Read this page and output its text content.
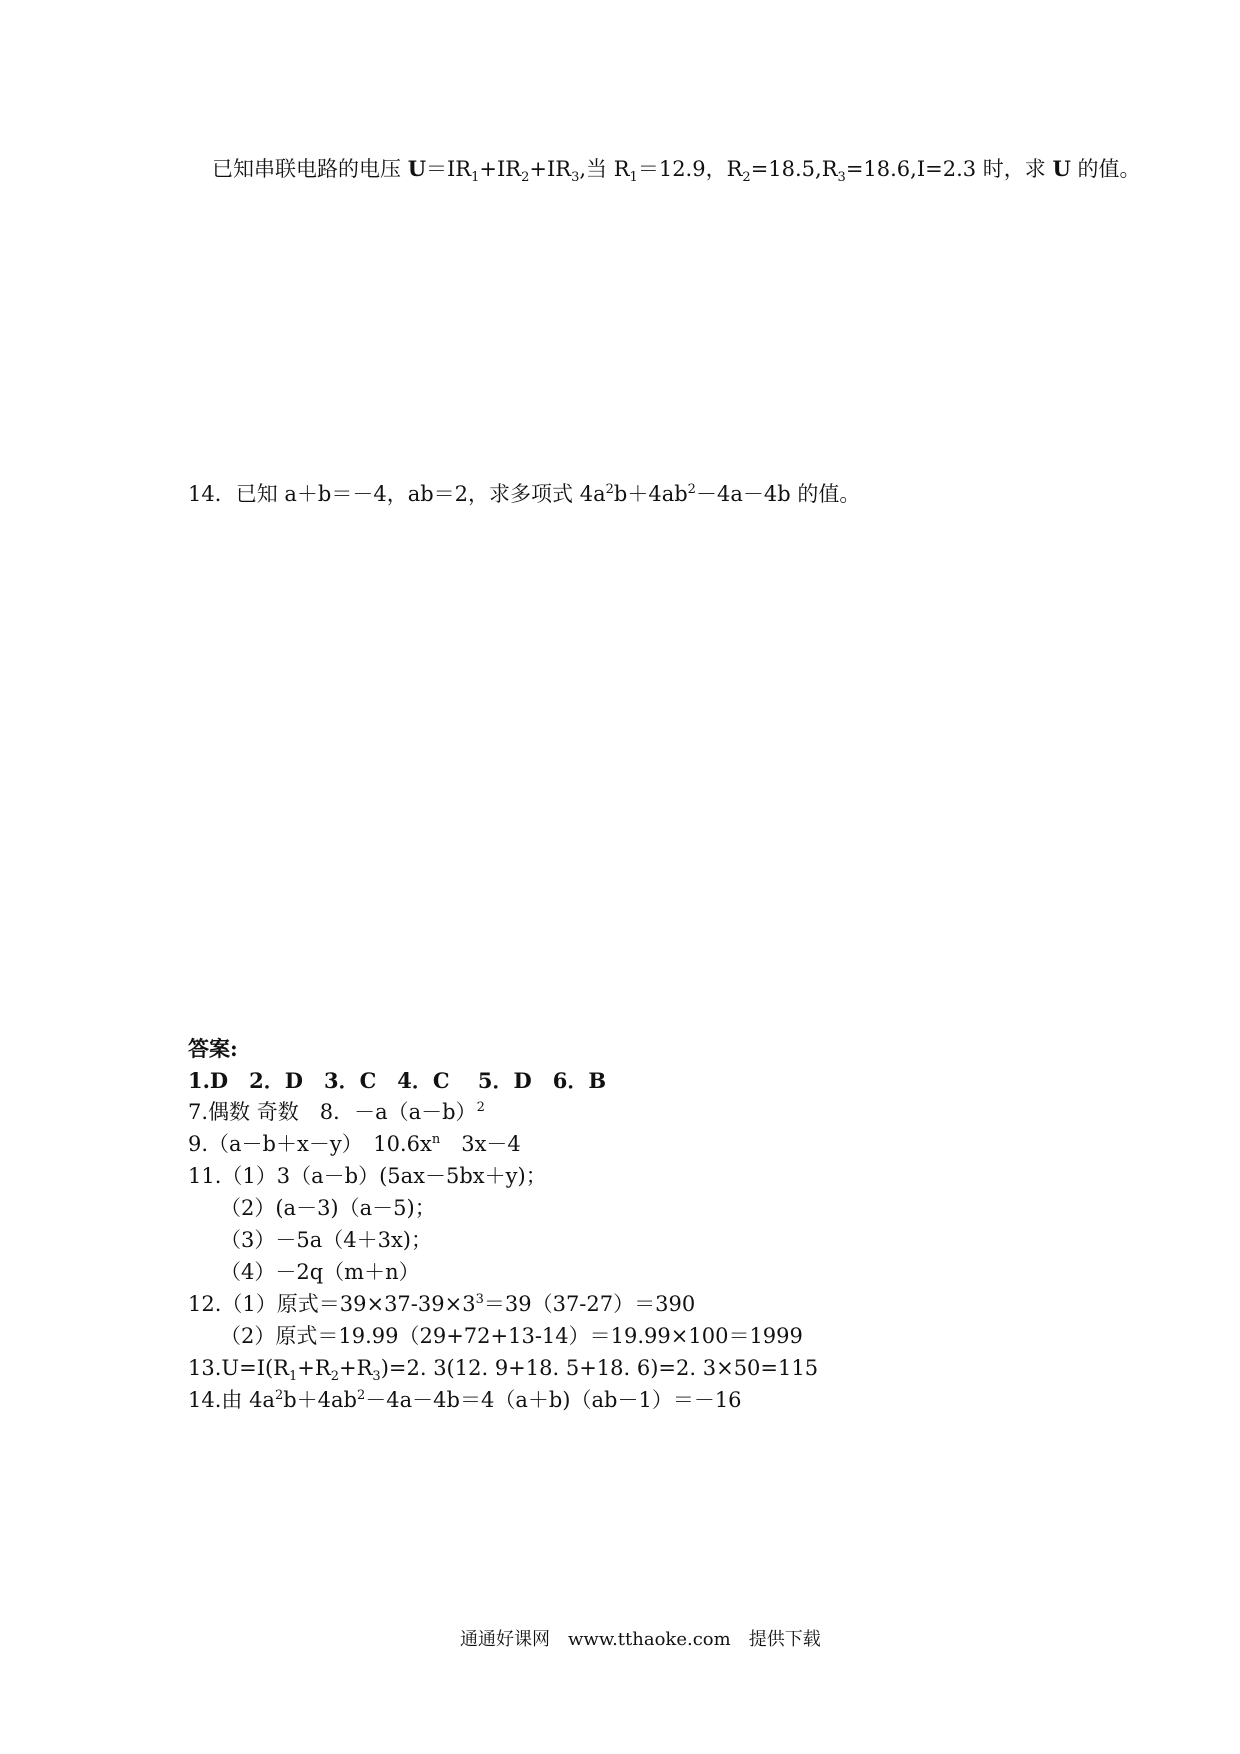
已知串联电路的电压 $U=IR_1+IR_2+IR_3$,当 $R_1=12.9$，$R_2=18.5,R_3=18.6,I=2.3$ 时，求 U 的值。
14．已知 a＋b＝－4，ab＝2，求多项式 $4a^2b+4ab^2-4a-4b$ 的值。
答案:
1.D　2．D　3．C　4．C　 5．D　6．B
7.偶数 奇数　8．$-a(a-b)^2$
9.（a－b＋x－y）　$10.6x^n$　3x－4
11.（1）3（a－b）(5ax－5bx＋y)；
（2）(a－3)（a－5)；
（3）－5a（4＋3x)；
（4）－2q（m＋n）
12.（1）原式$=39\times 37-39\times 3^3=39(37-27)=390$
（2）原式＝19.99（29+72+13-14）＝19.99×100＝1999
$13.U=I(R_1+R_2+R_3)=2$. 3(12. 9+18. 5+18. 6)=2. 3×50=115
14.由 $4a^2b+4ab^2-4a-4b=4(a+b)(ab-1)=-16$
通通好课网　www.tthaoke.com　提供下载
